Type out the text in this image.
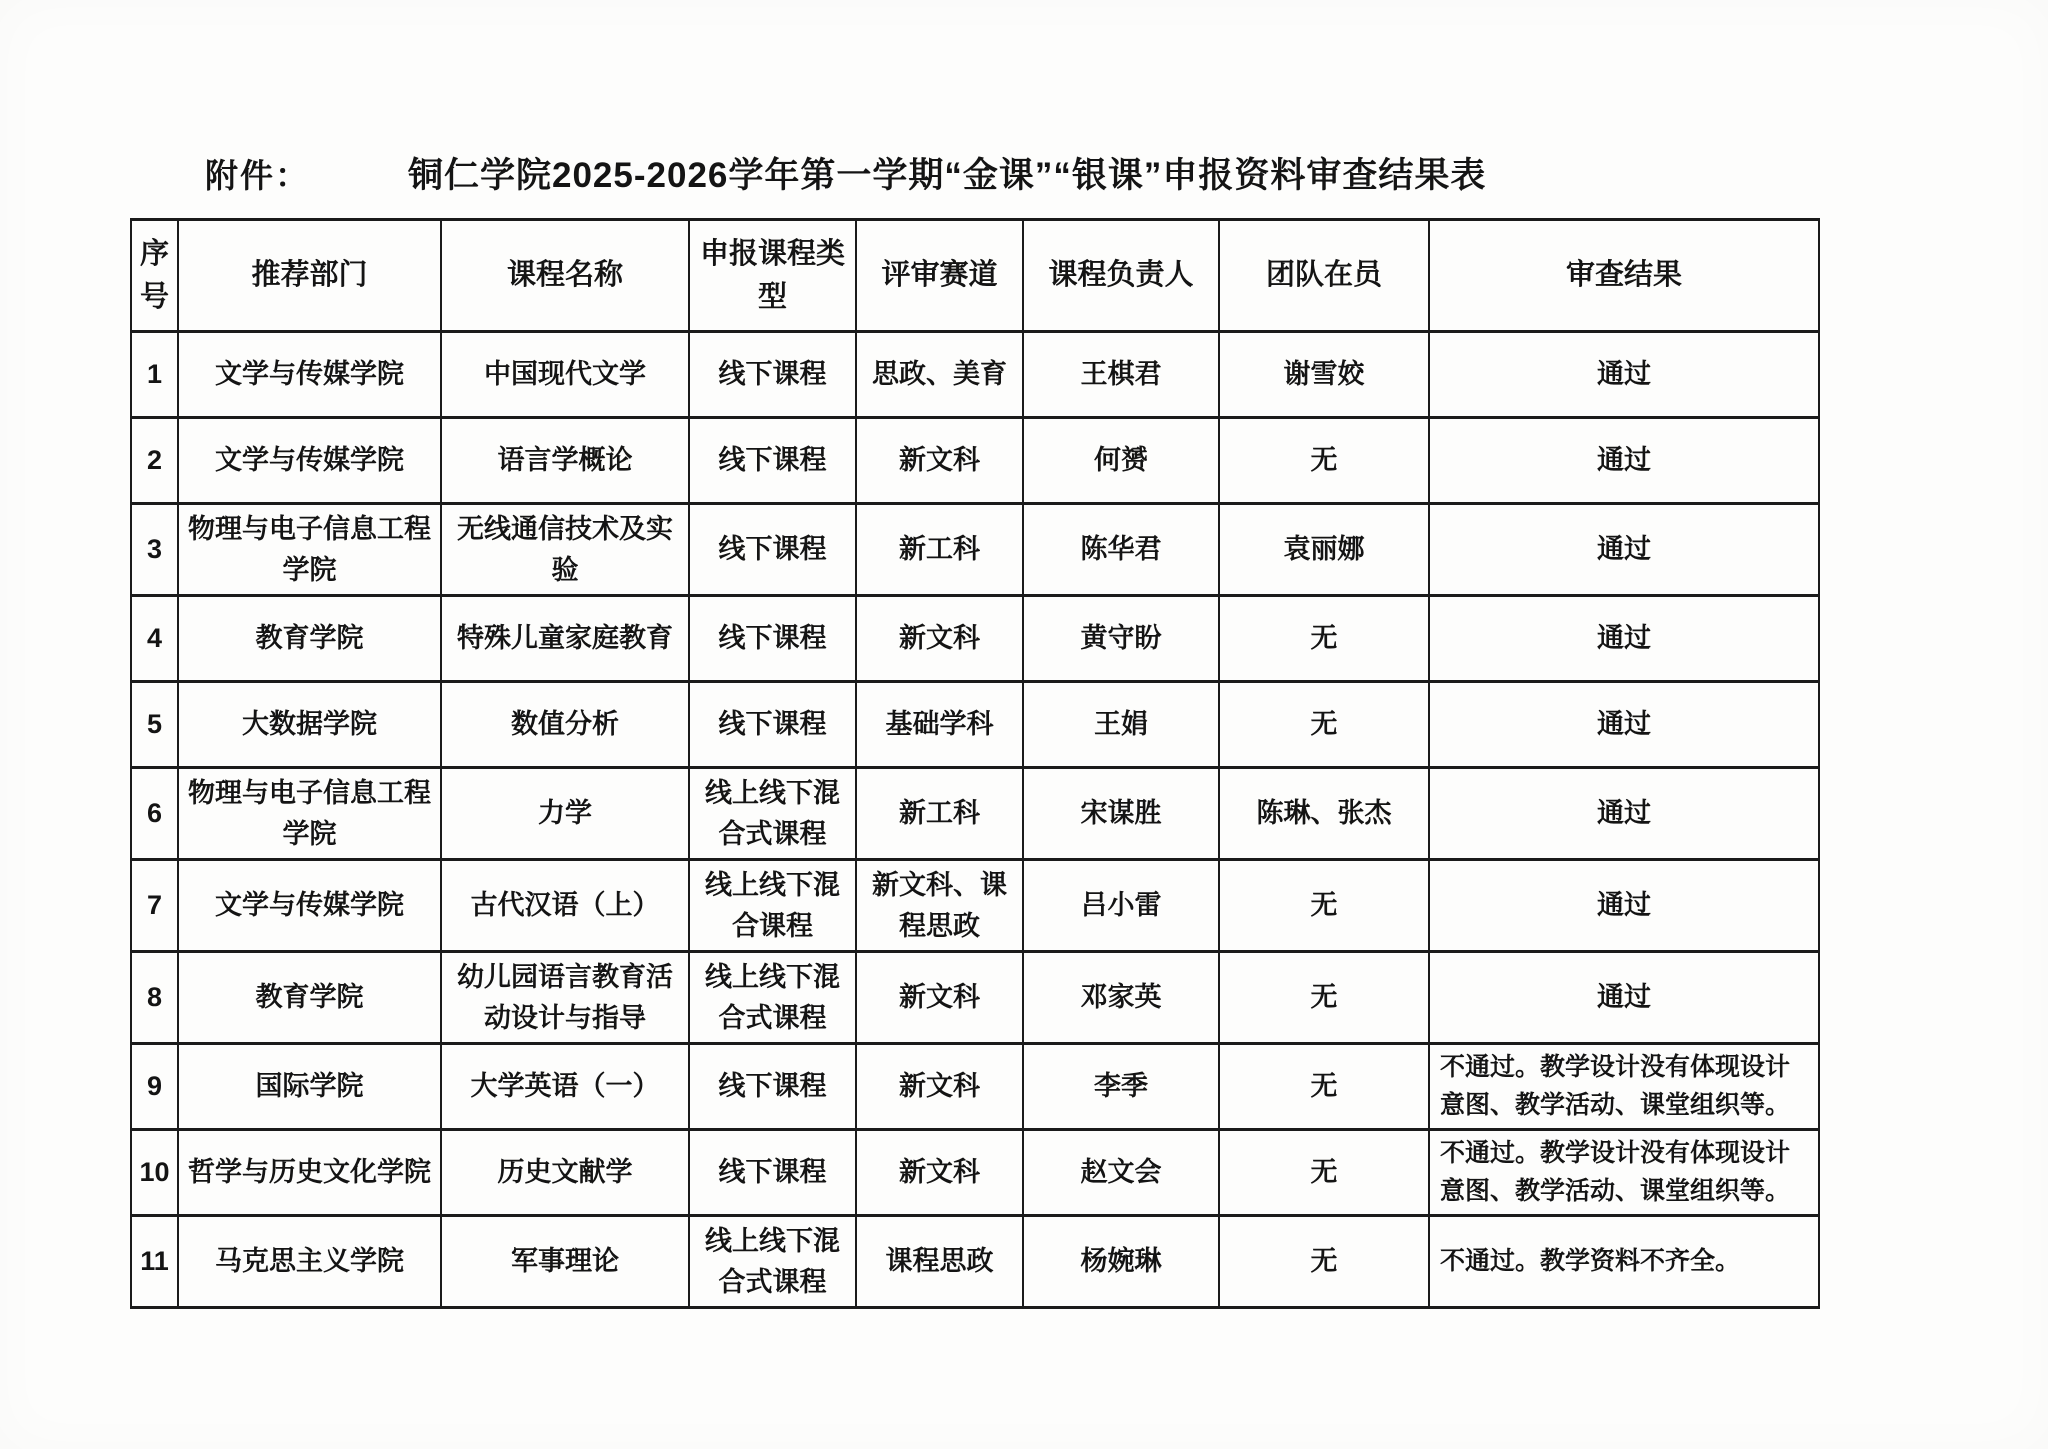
附件：	铜仁学院2025-2026学年第一学期“金课”“银课”申报资料审查结果表
序号	推荐部门	课程名称	申报课程类型	评审赛道	课程负责人	团队在员	审查结果
1	文学与传媒学院	中国现代文学	线下课程	思政、美育	王棋君	谢雪姣	通过
2	文学与传媒学院	语言学概论	线下课程	新文科	何赟	无	通过
3	物理与电子信息工程学院	无线通信技术及实验	线下课程	新工科	陈华君	袁丽娜	通过
4	教育学院	特殊儿童家庭教育	线下课程	新文科	黄守盼	无	通过
5	大数据学院	数值分析	线下课程	基础学科	王娟	无	通过
6	物理与电子信息工程学院	力学	线上线下混合式课程	新工科	宋谋胜	陈琳、张杰	通过
7	文学与传媒学院	古代汉语（上）	线上线下混合课程	新文科、课程思政	吕小雷	无	通过
8	教育学院	幼儿园语言教育活动设计与指导	线上线下混合式课程	新文科	邓家英	无	通过
9	国际学院	大学英语（一）	线下课程	新文科	李季	无	不通过。教学设计没有体现设计意图、教学活动、课堂组织等。
10	哲学与历史文化学院	历史文献学	线下课程	新文科	赵文会	无	不通过。教学设计没有体现设计意图、教学活动、课堂组织等。
11	马克思主义学院	军事理论	线上线下混合式课程	课程思政	杨婉琳	无	不通过。教学资料不齐全。
